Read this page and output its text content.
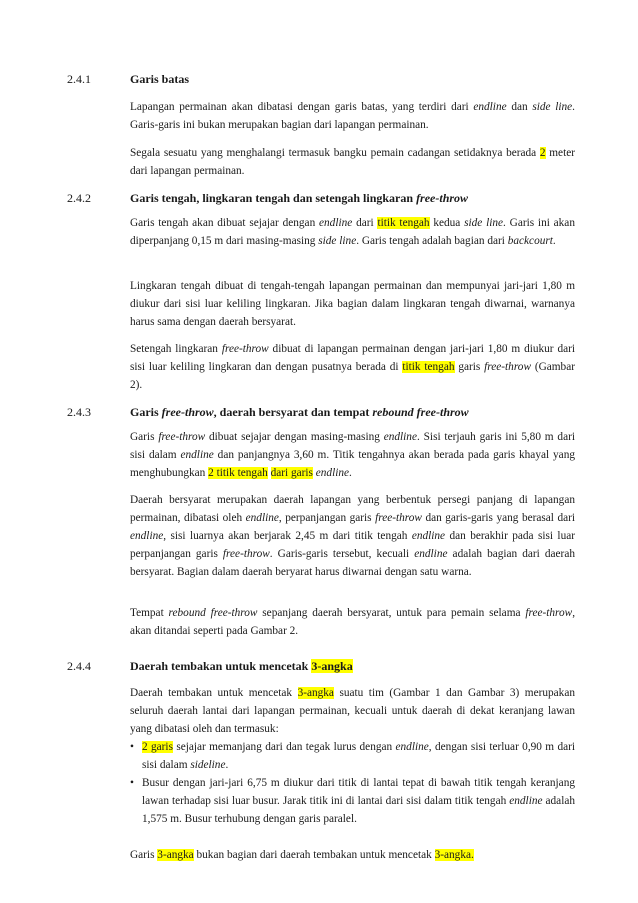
2.4.1	Garis batas
Lapangan permainan akan dibatasi dengan garis batas, yang terdiri dari endline dan side line. Garis-garis ini bukan merupakan bagian dari lapangan permainan.
Segala sesuatu yang menghalangi termasuk bangku pemain cadangan setidaknya berada 2 meter dari lapangan permainan.
2.4.2	Garis tengah, lingkaran tengah dan setengah lingkaran free-throw
Garis tengah akan dibuat sejajar dengan endline dari titik tengah kedua side line. Garis ini akan diperpanjang 0,15 m dari masing-masing side line. Garis tengah adalah bagian dari backcourt.
Lingkaran tengah dibuat di tengah-tengah lapangan permainan dan mempunyai jari-jari 1,80 m diukur dari sisi luar keliling lingkaran. Jika bagian dalam lingkaran tengah diwarnai, warnanya harus sama dengan daerah bersyarat.
Setengah lingkaran free-throw dibuat di lapangan permainan dengan jari-jari 1,80 m diukur dari sisi luar keliling lingkaran dan dengan pusatnya berada di titik tengah garis free-throw (Gambar 2).
2.4.3	Garis free-throw, daerah bersyarat dan tempat rebound free-throw
Garis free-throw dibuat sejajar dengan masing-masing endline. Sisi terjauh garis ini 5,80 m dari sisi dalam endline dan panjangnya 3,60 m. Titik tengahnya akan berada pada garis khayal yang menghubungkan 2 titik tengah dari garis endline.
Daerah bersyarat merupakan daerah lapangan yang berbentuk persegi panjang di lapangan permainan, dibatasi oleh endline, perpanjangan garis free-throw dan garis-garis yang berasal dari endline, sisi luarnya akan berjarak 2,45 m dari titik tengah endline dan berakhir pada sisi luar perpanjangan garis free-throw. Garis-garis tersebut, kecuali endline adalah bagian dari daerah bersyarat. Bagian dalam daerah beryarat harus diwarnai dengan satu warna.
Tempat rebound free-throw sepanjang daerah bersyarat, untuk para pemain selama free-throw, akan ditandai seperti pada Gambar 2.
2.4.4	Daerah tembakan untuk mencetak 3-angka
Daerah tembakan untuk mencetak 3-angka suatu tim (Gambar 1 dan Gambar 3) merupakan seluruh daerah lantai dari lapangan permainan, kecuali untuk daerah di dekat keranjang lawan yang dibatasi oleh dan termasuk:
• 2 garis sejajar memanjang dari dan tegak lurus dengan endline, dengan sisi terluar 0,90 m dari sisi dalam sideline.
• Busur dengan jari-jari 6,75 m diukur dari titik di lantai tepat di bawah titik tengah keranjang lawan terhadap sisi luar busur. Jarak titik ini di lantai dari sisi dalam titik tengah endline adalah 1,575 m. Busur terhubung dengan garis paralel.
Garis 3-angka bukan bagian dari daerah tembakan untuk mencetak 3-angka.
